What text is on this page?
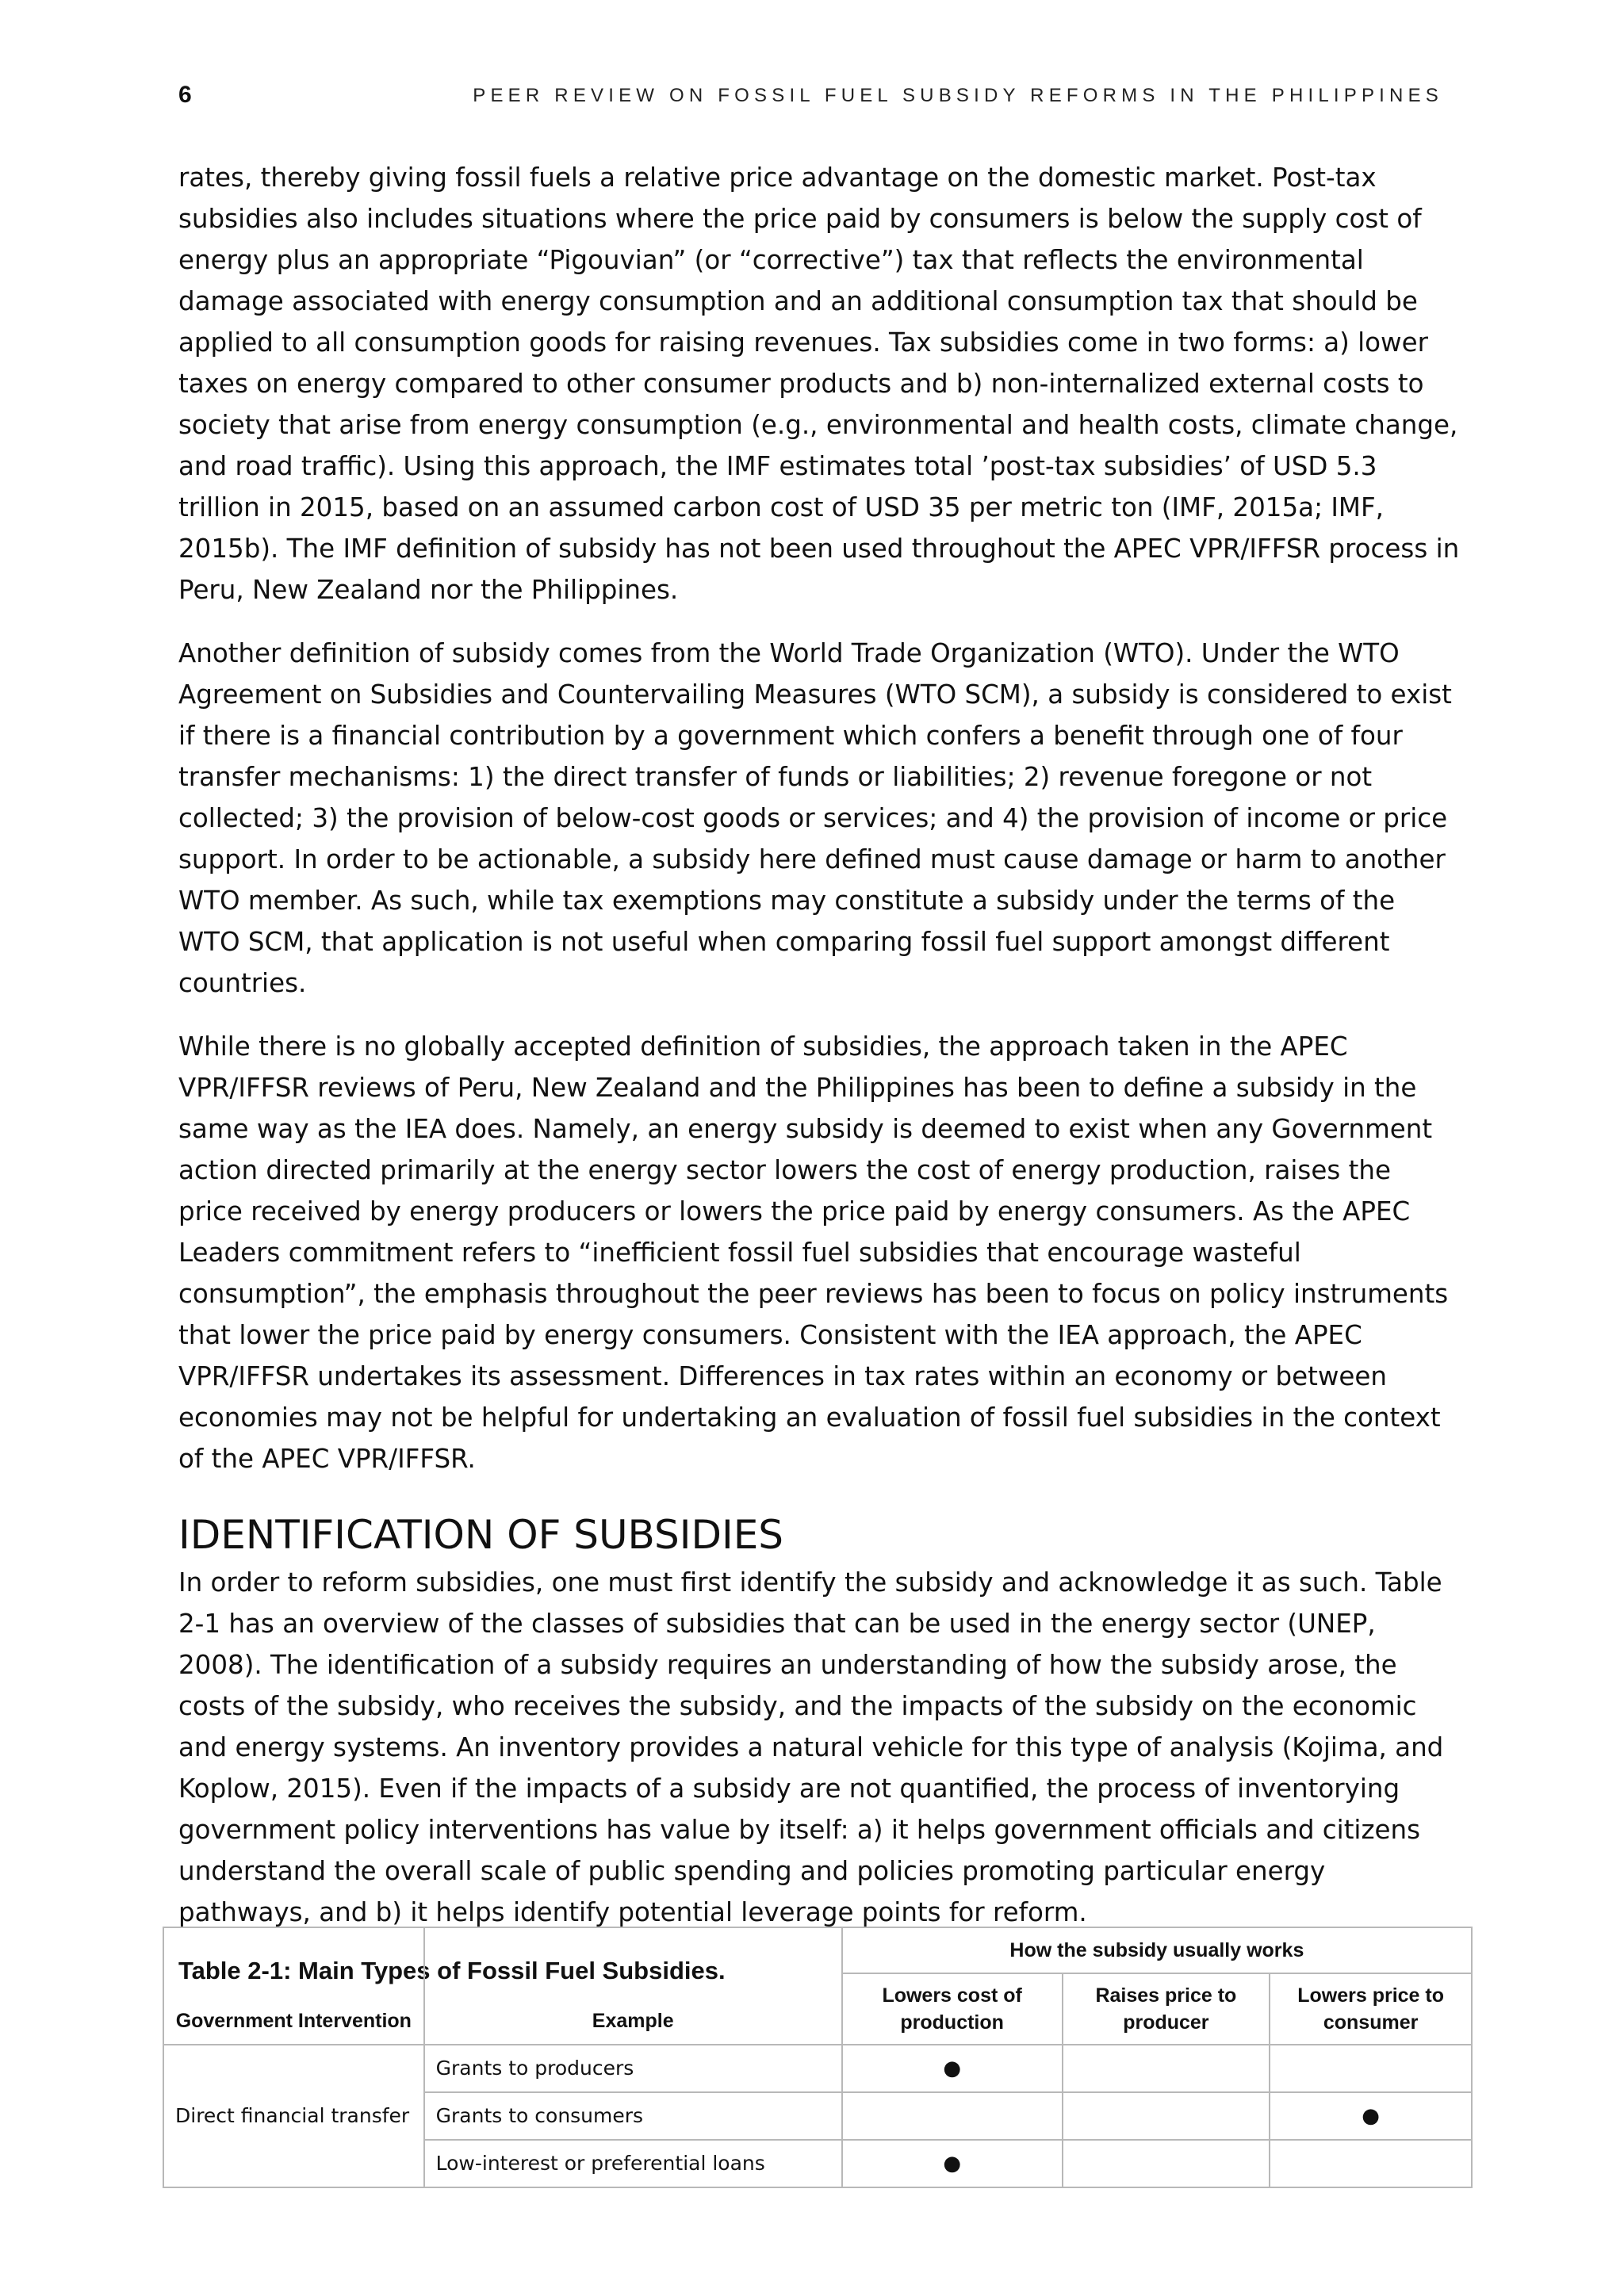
6	PEER REVIEW ON FOSSIL FUEL SUBSIDY REFORMS IN THE PHILIPPINES

rates, thereby giving fossil fuels a relative price advantage on the domestic market. Post-tax subsidies also includes situations where the price paid by consumers is below the supply cost of energy plus an appropriate “Pigouvian” (or “corrective”) tax that reflects the environmental damage associated with energy consumption and an additional consumption tax that should be applied to all consumption goods for raising revenues. Tax subsidies come in two forms: a) lower taxes on energy compared to other consumer products and b) non-internalized external costs to society that arise from energy consumption (e.g., environmental and health costs, climate change, and road traffic). Using this approach, the IMF estimates total ’post-tax subsidies’ of USD 5.3 trillion in 2015, based on an assumed carbon cost of USD 35 per metric ton (IMF, 2015a; IMF, 2015b). The IMF definition of subsidy has not been used throughout the APEC VPR/IFFSR process in Peru, New Zealand nor the Philippines.

Another definition of subsidy comes from the World Trade Organization (WTO). Under the WTO Agreement on Subsidies and Countervailing Measures (WTO SCM), a subsidy is considered to exist if there is a financial contribution by a government which confers a benefit through one of four transfer mechanisms: 1) the direct transfer of funds or liabilities; 2) revenue foregone or not collected; 3) the provision of below-cost goods or services; and 4) the provision of income or price support. In order to be actionable, a subsidy here defined must cause damage or harm to another WTO member. As such, while tax exemptions may constitute a subsidy under the terms of the WTO SCM, that application is not useful when comparing fossil fuel support amongst different countries.

While there is no globally accepted definition of subsidies, the approach taken in the APEC VPR/IFFSR reviews of Peru, New Zealand and the Philippines has been to define a subsidy in the same way as the IEA does. Namely, an energy subsidy is deemed to exist when any Government action directed primarily at the energy sector lowers the cost of energy production, raises the price received by energy producers or lowers the price paid by energy consumers. As the APEC Leaders commitment refers to “inefficient fossil fuel subsidies that encourage wasteful consumption”, the emphasis throughout the peer reviews has been to focus on policy instruments that lower the price paid by energy consumers. Consistent with the IEA approach, the APEC VPR/IFFSR undertakes its assessment. Differences in tax rates within an economy or between economies may not be helpful for undertaking an evaluation of fossil fuel subsidies in the context of the APEC VPR/IFFSR.

IDENTIFICATION OF SUBSIDIES

In order to reform subsidies, one must first identify the subsidy and acknowledge it as such. Table 2-1 has an overview of the classes of subsidies that can be used in the energy sector (UNEP, 2008). The identification of a subsidy requires an understanding of how the subsidy arose, the costs of the subsidy, who receives the subsidy, and the impacts of the subsidy on the economic and energy systems. An inventory provides a natural vehicle for this type of analysis (Kojima, and Koplow, 2015). Even if the impacts of a subsidy are not quantified, the process of inventorying government policy interventions has value by itself: a) it helps government officials and citizens understand the overall scale of public spending and policies promoting particular energy pathways, and b) it helps identify potential leverage points for reform.

Table 2-1: Main Types of Fossil Fuel Subsidies.
Government Intervention	Example	How the subsidy usually works		
		Lowers cost of production	Raises price to producer	Lowers price to consumer
Direct financial transfer	Grants to producers	●		
	Grants to consumers			●
	Low-interest or preferential loans	●		
